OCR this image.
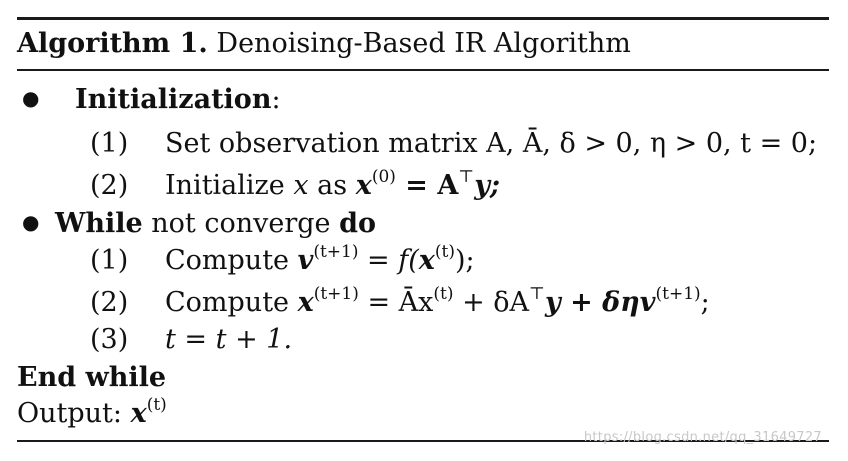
Algorithm 1. Denoising-Based IR Algorithm
● Initialization:
(1) Set observation matrix A, Ā, δ > 0, η > 0, t = 0;
(2) Initialize x as $x^{(0)} = A^⊤y$;
● While not converge do
(1) Compute $v^{(t+1)} = f(x^{(t)})$;
(2) Compute $x^{(t+1)}$ = $Āx^{(t)} + \delta A^⊤y + \delta\eta v^{(t+1)}$;
(3) t = t + 1.
End while
Output: $x^{(t)}$
https://blog.csdn.net/qq_31649727
